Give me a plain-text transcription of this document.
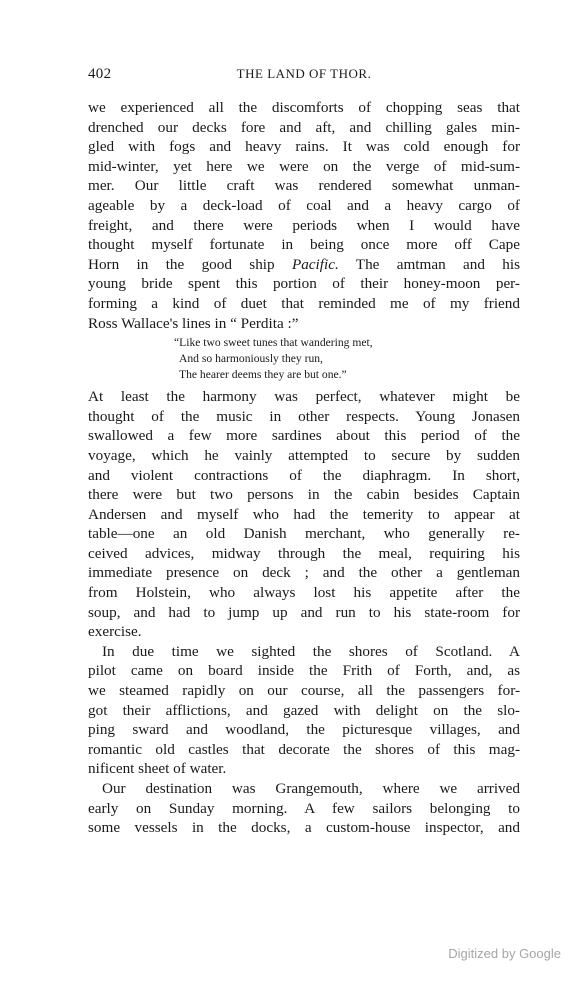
402	THE LAND OF THOR.
we experienced all the discomforts of chopping seas that
drenched our decks fore and aft, and chilling gales min-
gled with fogs and heavy rains. It was cold enough for
mid-winter, yet here we were on the verge of mid-sum-
mer. Our little craft was rendered somewhat unman-
ageable by a deck-load of coal and a heavy cargo of
freight, and there were periods when I would have
thought myself fortunate in being once more off Cape
Horn in the good ship Pacific. The amtman and his
young bride spent this portion of their honey-moon per-
forming a kind of duet that reminded me of my friend
Ross Wallace's lines in “ Perdita :”
“Like two sweet tunes that wandering met,
And so harmoniously they run,
The hearer deems they are but one.”
At least the harmony was perfect, whatever might be
thought of the music in other respects. Young Jonasen
swallowed a few more sardines about this period of the
voyage, which he vainly attempted to secure by sudden
and violent contractions of the diaphragm. In short,
there were but two persons in the cabin besides Captain
Andersen and myself who had the temerity to appear at
table—one an old Danish merchant, who generally re-
ceived advices, midway through the meal, requiring his
immediate presence on deck ; and the other a gentleman
from Holstein, who always lost his appetite after the
soup, and had to jump up and run to his state-room for
exercise.
In due time we sighted the shores of Scotland. A
pilot came on board inside the Frith of Forth, and, as
we steamed rapidly on our course, all the passengers for-
got their afflictions, and gazed with delight on the slo-
ping sward and woodland, the picturesque villages, and
romantic old castles that decorate the shores of this mag-
nificent sheet of water.
Our destination was Grangemouth, where we arrived
early on Sunday morning. A few sailors belonging to
some vessels in the docks, a custom-house inspector, and
Digitized by Google
